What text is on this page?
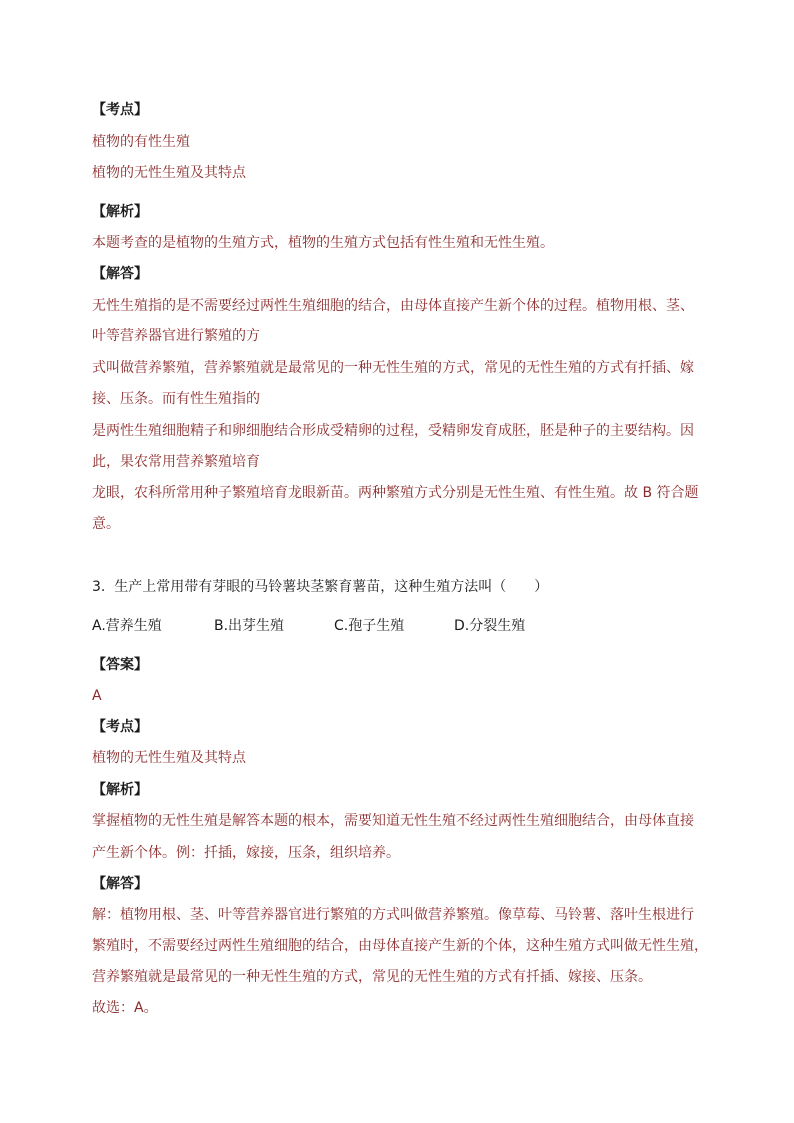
【考点】
植物的有性生殖
植物的无性生殖及其特点
【解析】
本题考查的是植物的生殖方式，植物的生殖方式包括有性生殖和无性生殖。
【解答】
无性生殖指的是不需要经过两性生殖细胞的结合，由母体直接产生新个体的过程。植物用根、茎、
叶等营养器官进行繁殖的方
式叫做营养繁殖，营养繁殖就是最常见的一种无性生殖的方式，常见的无性生殖的方式有扦插、嫁
接、压条。而有性生殖指的
是两性生殖细胞精子和卵细胞结合形成受精卵的过程，受精卵发育成胚，胚是种子的主要结构。因
此，果农常用营养繁殖培育
龙眼，农科所常用种子繁殖培育龙眼新苗。两种繁殖方式分别是无性生殖、有性生殖。故 B 符合题
意。
3. 生产上常用带有芽眼的马铃薯块茎繁育薯苗，这种生殖方法叫（　　）
A.营养生殖	B.出芽生殖	C.孢子生殖	D.分裂生殖
【答案】
A
【考点】
植物的无性生殖及其特点
【解析】
掌握植物的无性生殖是解答本题的根本，需要知道无性生殖不经过两性生殖细胞结合，由母体直接
产生新个体。例：扦插，嫁接，压条，组织培养。
【解答】
解：植物用根、茎、叶等营养器官进行繁殖的方式叫做营养繁殖。像草莓、马铃薯、落叶生根进行
繁殖时，不需要经过两性生殖细胞的结合，由母体直接产生新的个体，这种生殖方式叫做无性生殖，
营养繁殖就是最常见的一种无性生殖的方式，常见的无性生殖的方式有扦插、嫁接、压条。
故选：A。
